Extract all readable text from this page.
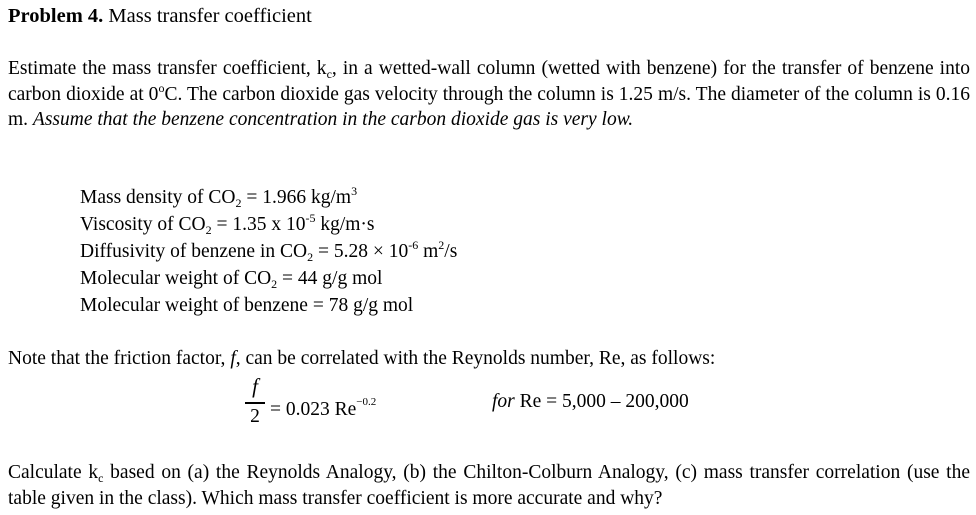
Problem 4. Mass transfer coefficient
Estimate the mass transfer coefficient, $k_c$, in a wetted-wall column (wetted with benzene) for the transfer of benzene into carbon dioxide at 0$^o$C. The carbon dioxide gas velocity through the column is 1.25 m/s. The diameter of the column is 0.16 m. Assume that the benzene concentration in the carbon dioxide gas is very low.
Mass density of $CO_2 = 1.966$ $kg/m^3$
Viscosity of $CO_2 = 1.35$ x $10^{-5}$ kg/m·s
Diffusivity of benzene in $CO_2 = 5.28 \times 10^{-6}$ $m^2/s$
Molecular weight of $CO_2 = 44$ g/g mol
Molecular weight of benzene = 78 g/g mol
Note that the friction factor, f, can be correlated with the Reynolds number, Re, as follows:
f
2 = 0.023 $Re^{-0.2}$	for Re = 5,000 – 200,000
Calculate $k_c$ based on (a) the Reynolds Analogy, (b) the Chilton-Colburn Analogy, (c) mass transfer correlation (use the table given in the class). Which mass transfer coefficient is more accurate and why?
